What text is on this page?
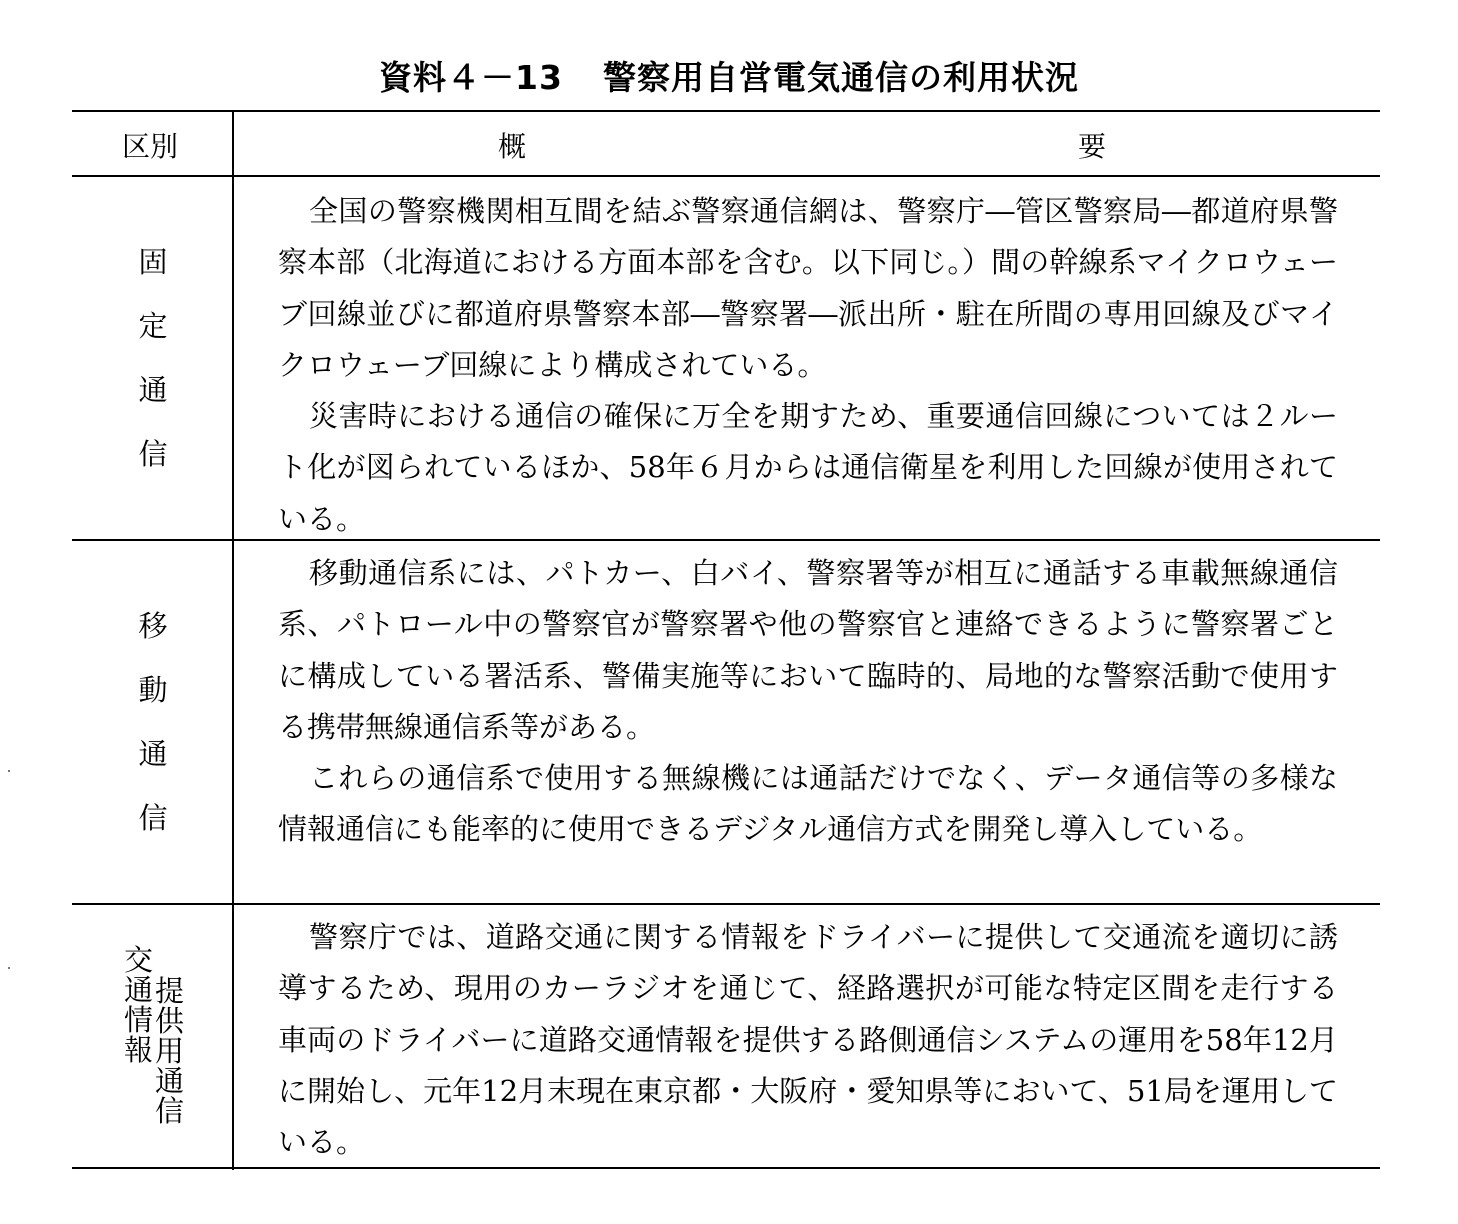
資料４－13 警察用自営電気通信の利用状況
区別	概	要
固
定
通
信

全国の警察機関相互間を結ぶ警察通信網は、警察庁―管区警察局―都道府県警察本部（北海道における方面本部を含む。以下同じ。）間の幹線系マイクロウェーブ回線並びに都道府県警察本部―警察署―派出所・駐在所間の専用回線及びマイクロウェーブ回線により構成されている。

災害時における通信の確保に万全を期すため、重要通信回線については２ルート化が図られているほか、58年６月からは通信衛星を利用した回線が使用されている。

移
動
通
信

移動通信系には、パトカー、白バイ、警察署等が相互に通話する車載無線通信系、パトロール中の警察官が警察署や他の警察官と連絡できるように警察署ごとに構成している署活系、警備実施等において臨時的、局地的な警察活動で使用する携帯無線通信系等がある。

これらの通信系で使用する無線機には通話だけでなく、データ通信等の多様な情報通信にも能率的に使用できるデジタル通信方式を開発し導入している。

交
通
情
報
提
供
用
通
信

警察庁では、道路交通に関する情報をドライバーに提供して交通流を適切に誘導するため、現用のカーラジオを通じて、経路選択が可能な特定区間を走行する車両のドライバーに道路交通情報を提供する路側通信システムの運用を58年12月に開始し、元年12月末現在東京都・大阪府・愛知県等において、51局を運用している。
